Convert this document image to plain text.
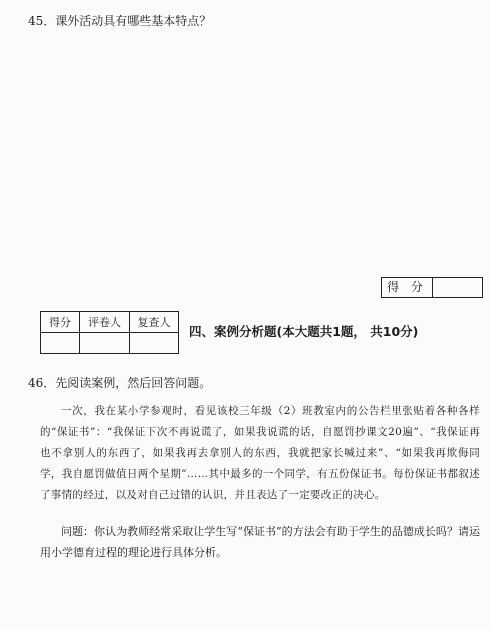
45．课外活动具有哪些基本特点？
得 分
得分	评卷人	复查人

四、案例分析题(本大题共1题， 共10分)
46．先阅读案例，然后回答问题。
一次，我在某小学参观时，看见该校三年级（2）班教室内的公告栏里张贴着各种各样的“保证书”：“我保证下次不再说谎了，如果我说谎的话，自愿罚抄课文20遍”、“我保证再也不拿别人的东西了，如果我再去拿别人的东西，我就把家长喊过来”、“如果我再欺侮同学，我自愿罚做值日两个星期”……其中最多的一个同学，有五份保证书。每份保证书都叙述了事情的经过，以及对自己过错的认识，并且表达了一定要改正的决心。
问题：你认为教师经常采取让学生写“保证书”的方法会有助于学生的品德成长吗？请运用小学德育过程的理论进行具体分析。
